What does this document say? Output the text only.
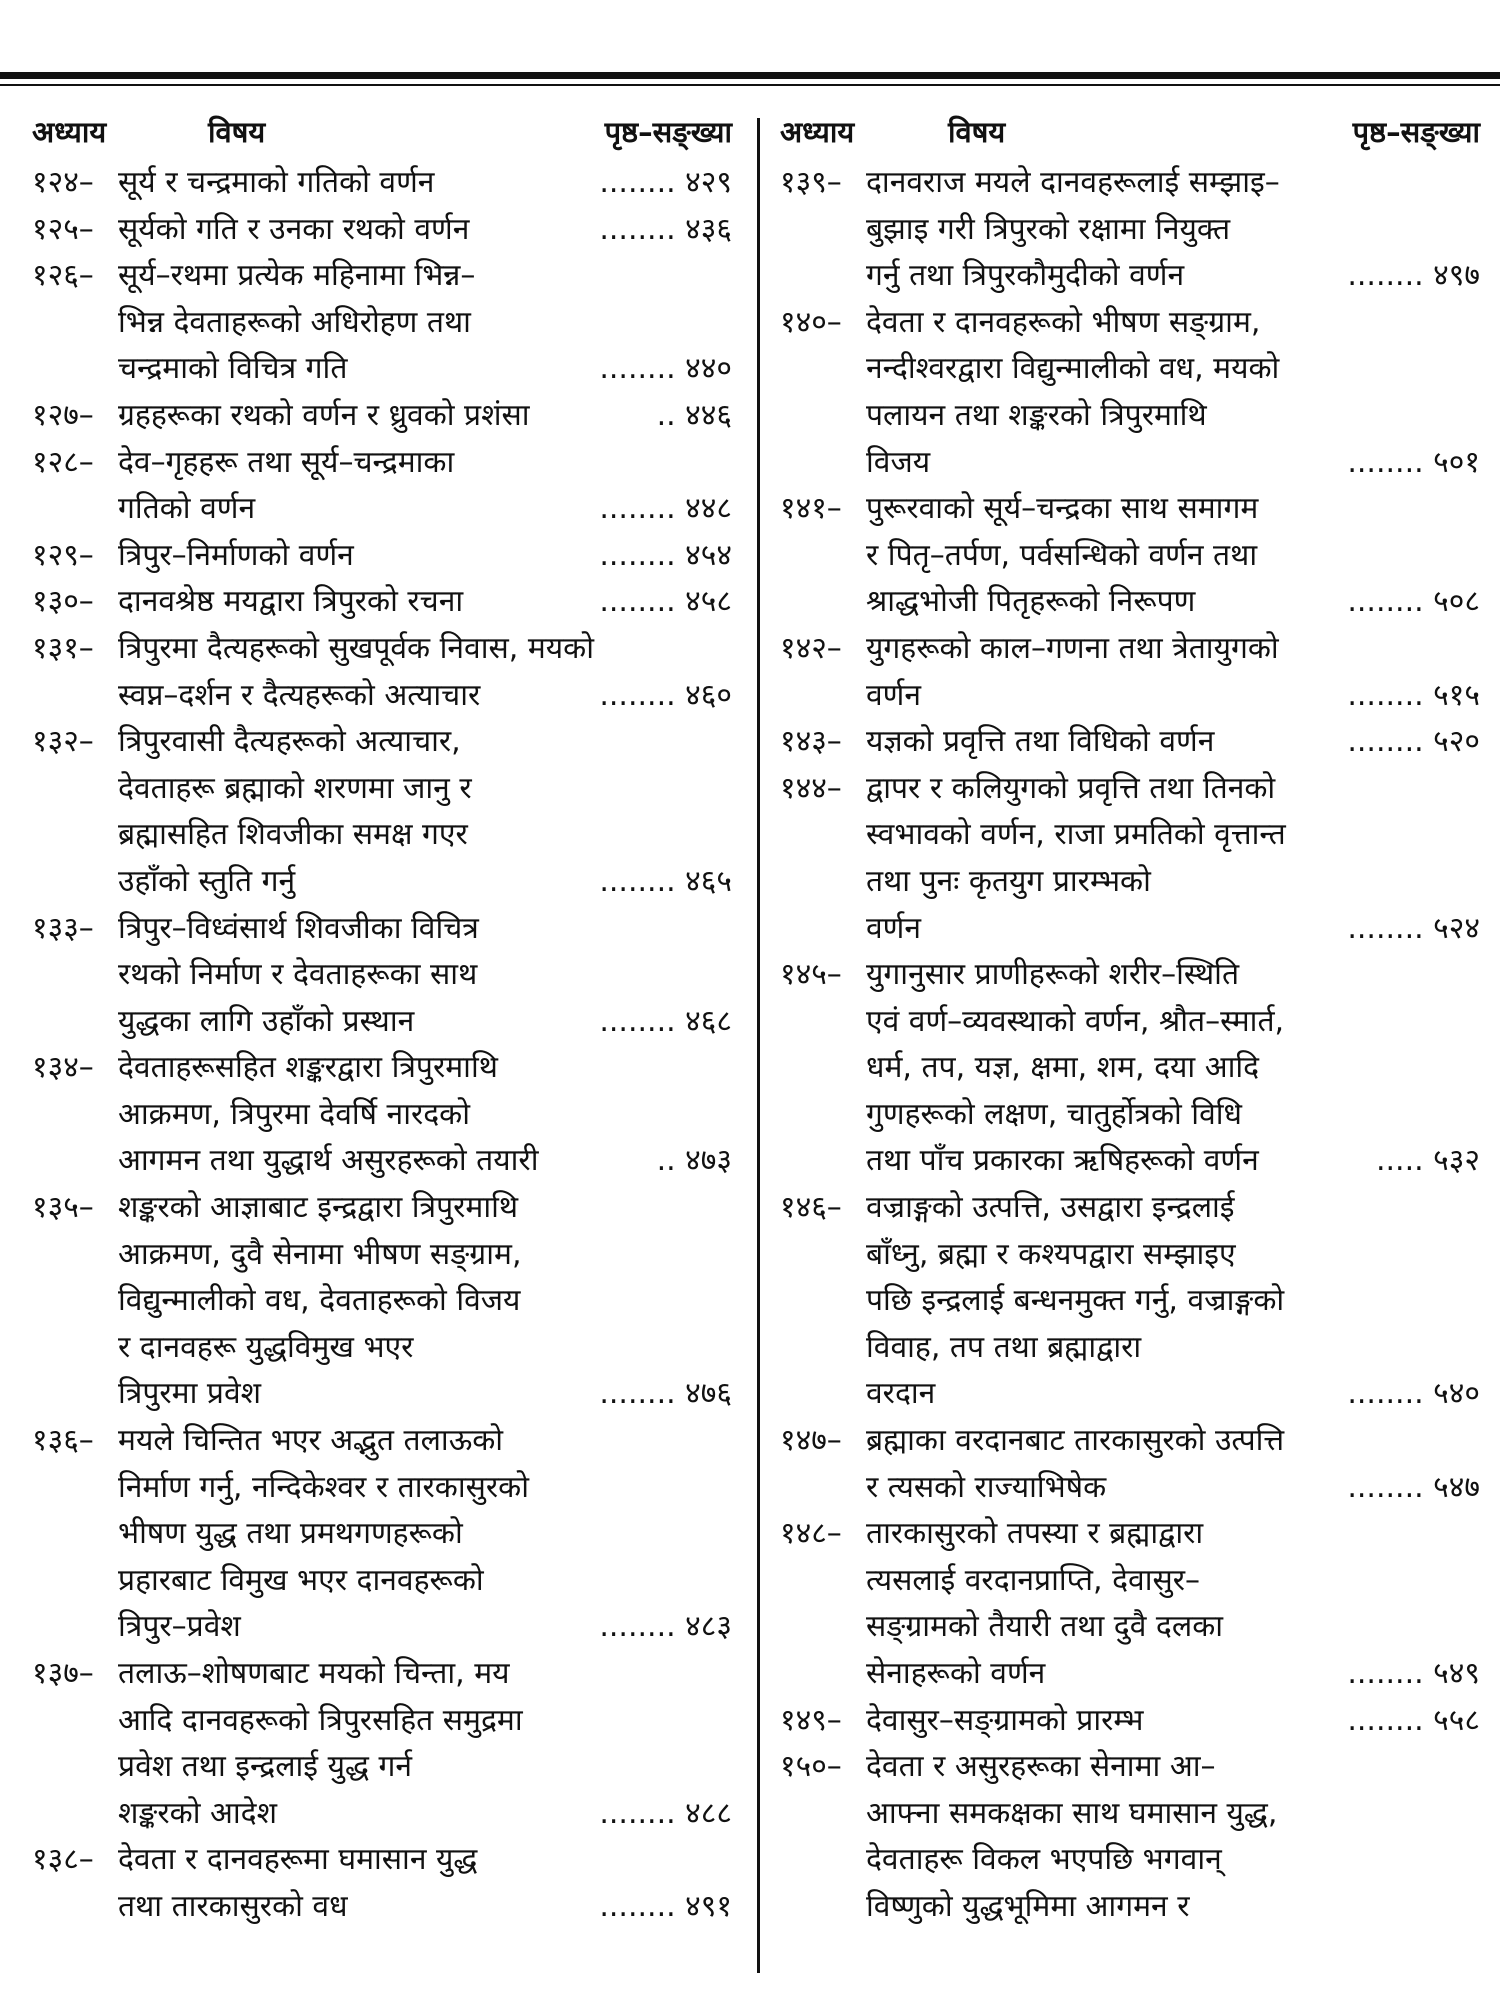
अध्याय	विषय	पृष्ठ–सङ्ख्या
१२४– सूर्य र चन्द्रमाको गतिको वर्णन	........ ४२९
१२५– सूर्यको गति र उनका रथको वर्णन	........ ४३६
१२६– सूर्य–रथमा प्रत्येक महिनामा भिन्न–
भिन्न देवताहरूको अधिरोहण तथा
चन्द्रमाको विचित्र गति	........ ४४०
१२७– ग्रहहरूका रथको वर्णन र ध्रुवको प्रशंसा	.. ४४६
१२८– देव–गृहहरू तथा सूर्य–चन्द्रमाका
गतिको वर्णन	........ ४४८
१२९– त्रिपुर–निर्माणको वर्णन	........ ४५४
१३०– दानवश्रेष्ठ मयद्वारा त्रिपुरको रचना	........ ४५८
१३१– त्रिपुरमा दैत्यहरूको सुखपूर्वक निवास, मयको
स्वप्न–दर्शन र दैत्यहरूको अत्याचार	........ ४६०
१३२– त्रिपुरवासी दैत्यहरूको अत्याचार,
देवताहरू ब्रह्माको शरणमा जानु र
ब्रह्मासहित शिवजीका समक्ष गएर
उहाँको स्तुति गर्नु	........ ४६५
१३३– त्रिपुर–विध्वंसार्थ शिवजीका विचित्र
रथको निर्माण र देवताहरूका साथ
युद्धका लागि उहाँको प्रस्थान	........ ४६८
१३४– देवताहरूसहित शङ्करद्वारा त्रिपुरमाथि
आक्रमण, त्रिपुरमा देवर्षि नारदको
आगमन तथा युद्धार्थ असुरहरूको तयारी	.. ४७३
१३५– शङ्करको आज्ञाबाट इन्द्रद्वारा त्रिपुरमाथि
आक्रमण, दुवै सेनामा भीषण सङ्ग्राम,
विद्युन्मालीको वध, देवताहरूको विजय
र दानवहरू युद्धविमुख भएर
त्रिपुरमा प्रवेश	........ ४७६
१३६– मयले चिन्तित भएर अद्भुत तलाऊको
निर्माण गर्नु, नन्दिकेश्वर र तारकासुरको
भीषण युद्ध तथा प्रमथगणहरूको
प्रहारबाट विमुख भएर दानवहरूको
त्रिपुर–प्रवेश	........ ४८३
१३७– तलाऊ–शोषणबाट मयको चिन्ता, मय
आदि दानवहरूको त्रिपुरसहित समुद्रमा
प्रवेश तथा इन्द्रलाई युद्ध गर्न
शङ्करको आदेश	........ ४८८
१३८– देवता र दानवहरूमा घमासान युद्ध
तथा तारकासुरको वध	........ ४९१
अध्याय	विषय	पृष्ठ–सङ्ख्या
१३९– दानवराज मयले दानवहरूलाई सम्झाइ–
बुझाइ गरी त्रिपुरको रक्षामा नियुक्त
गर्नु तथा त्रिपुरकौमुदीको वर्णन	........ ४९७
१४०– देवता र दानवहरूको भीषण सङ्ग्राम,
नन्दीश्वरद्वारा विद्युन्मालीको वध, मयको
पलायन तथा शङ्करको त्रिपुरमाथि
विजय	........ ५०१
१४१– पुरूरवाको सूर्य–चन्द्रका साथ समागम
र पितृ–तर्पण, पर्वसन्धिको वर्णन तथा
श्राद्धभोजी पितृहरूको निरूपण	........ ५०८
१४२– युगहरूको काल–गणना तथा त्रेतायुगको
वर्णन	........ ५१५
१४३– यज्ञको प्रवृत्ति तथा विधिको वर्णन	........ ५२०
१४४– द्वापर र कलियुगको प्रवृत्ति तथा तिनको
स्वभावको वर्णन, राजा प्रमतिको वृत्तान्त
तथा पुनः कृतयुग प्रारम्भको
वर्णन	........ ५२४
१४५– युगानुसार प्राणीहरूको शरीर–स्थिति
एवं वर्ण–व्यवस्थाको वर्णन, श्रौत–स्मार्त,
धर्म, तप, यज्ञ, क्षमा, शम, दया आदि
गुणहरूको लक्षण, चातुर्होत्रको विधि
तथा पाँच प्रकारका ऋषिहरूको वर्णन	..... ५३२
१४६– वज्राङ्गको उत्पत्ति, उसद्वारा इन्द्रलाई
बाँध्नु, ब्रह्मा र कश्यपद्वारा सम्झाइए
पछि इन्द्रलाई बन्धनमुक्त गर्नु, वज्राङ्गको
विवाह, तप तथा ब्रह्माद्वारा
वरदान	........ ५४०
१४७– ब्रह्माका वरदानबाट तारकासुरको उत्पत्ति
र त्यसको राज्याभिषेक	........ ५४७
१४८– तारकासुरको तपस्या र ब्रह्माद्वारा
त्यसलाई वरदानप्राप्ति, देवासुर–
सङ्ग्रामको तैयारी तथा दुवै दलका
सेनाहरूको वर्णन	........ ५४९
१४९– देवासुर–सङ्ग्रामको प्रारम्भ	........ ५५८
१५०– देवता र असुरहरूका सेनामा आ–
आफ्ना समकक्षका साथ घमासान युद्ध,
देवताहरू विकल भएपछि भगवान्
विष्णुको युद्धभूमिमा आगमन र
